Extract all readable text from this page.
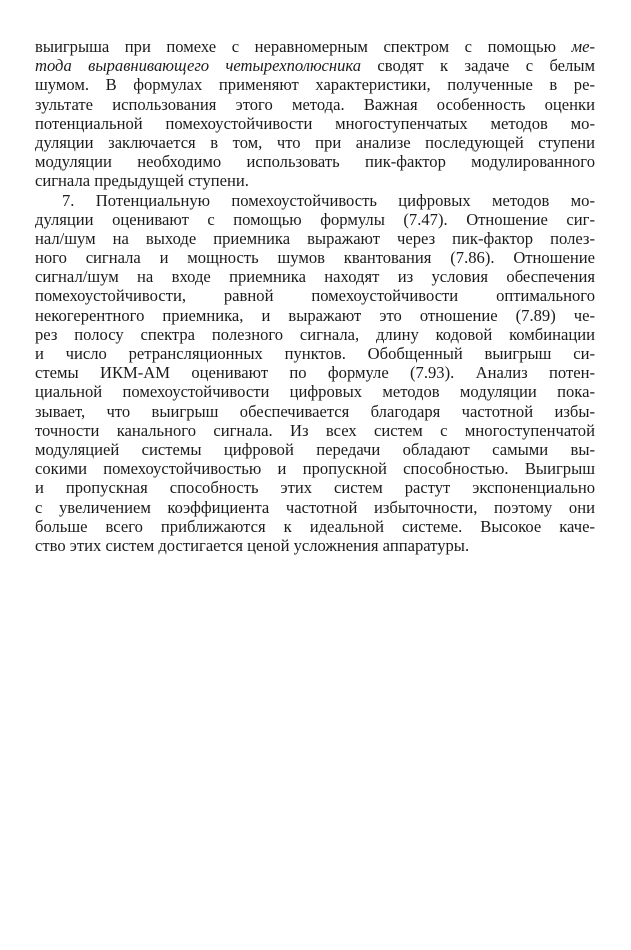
выигрыша при помехе с неравномерным спектром с помощью ме-
тода выравнивающего четырехполюсника сводят к задаче с белым
шумом. В формулах применяют характеристики, полученные в ре-
зультате использования этого метода. Важная особенность оценки
потенциальной помехоустойчивости многоступенчатых методов мо-
дуляции заключается в том, что при анализе последующей ступени
модуляции необходимо использовать пик-фактор модулированного
сигнала предыдущей ступени.
7. Потенциальную помехоустойчивость цифровых методов мо-
дуляции оценивают с помощью формулы (7.47). Отношение сиг-
нал/шум на выходе приемника выражают через пик-фактор полез-
ного сигнала и мощность шумов квантования (7.86). Отношение
сигнал/шум на входе приемника находят из условия обеспечения
помехоустойчивости, равной помехоустойчивости оптимального
некогерентного приемника, и выражают это отношение (7.89) че-
рез полосу спектра полезного сигнала, длину кодовой комбинации
и число ретрансляционных пунктов. Обобщенный выигрыш си-
стемы ИКМ-АМ оценивают по формуле (7.93). Анализ потен-
циальной помехоустойчивости цифровых методов модуляции пока-
зывает, что выигрыш обеспечивается благодаря частотной избы-
точности канального сигнала. Из всех систем с многоступенчатой
модуляцией системы цифровой передачи обладают самыми вы-
сокими помехоустойчивостью и пропускной способностью. Выигрыш
и пропускная способность этих систем растут экспоненциально
с увеличением коэффициента частотной избыточности, поэтому они
больше всего приближаются к идеальной системе. Высокое каче-
ство этих систем достигается ценой усложнения аппаратуры.
